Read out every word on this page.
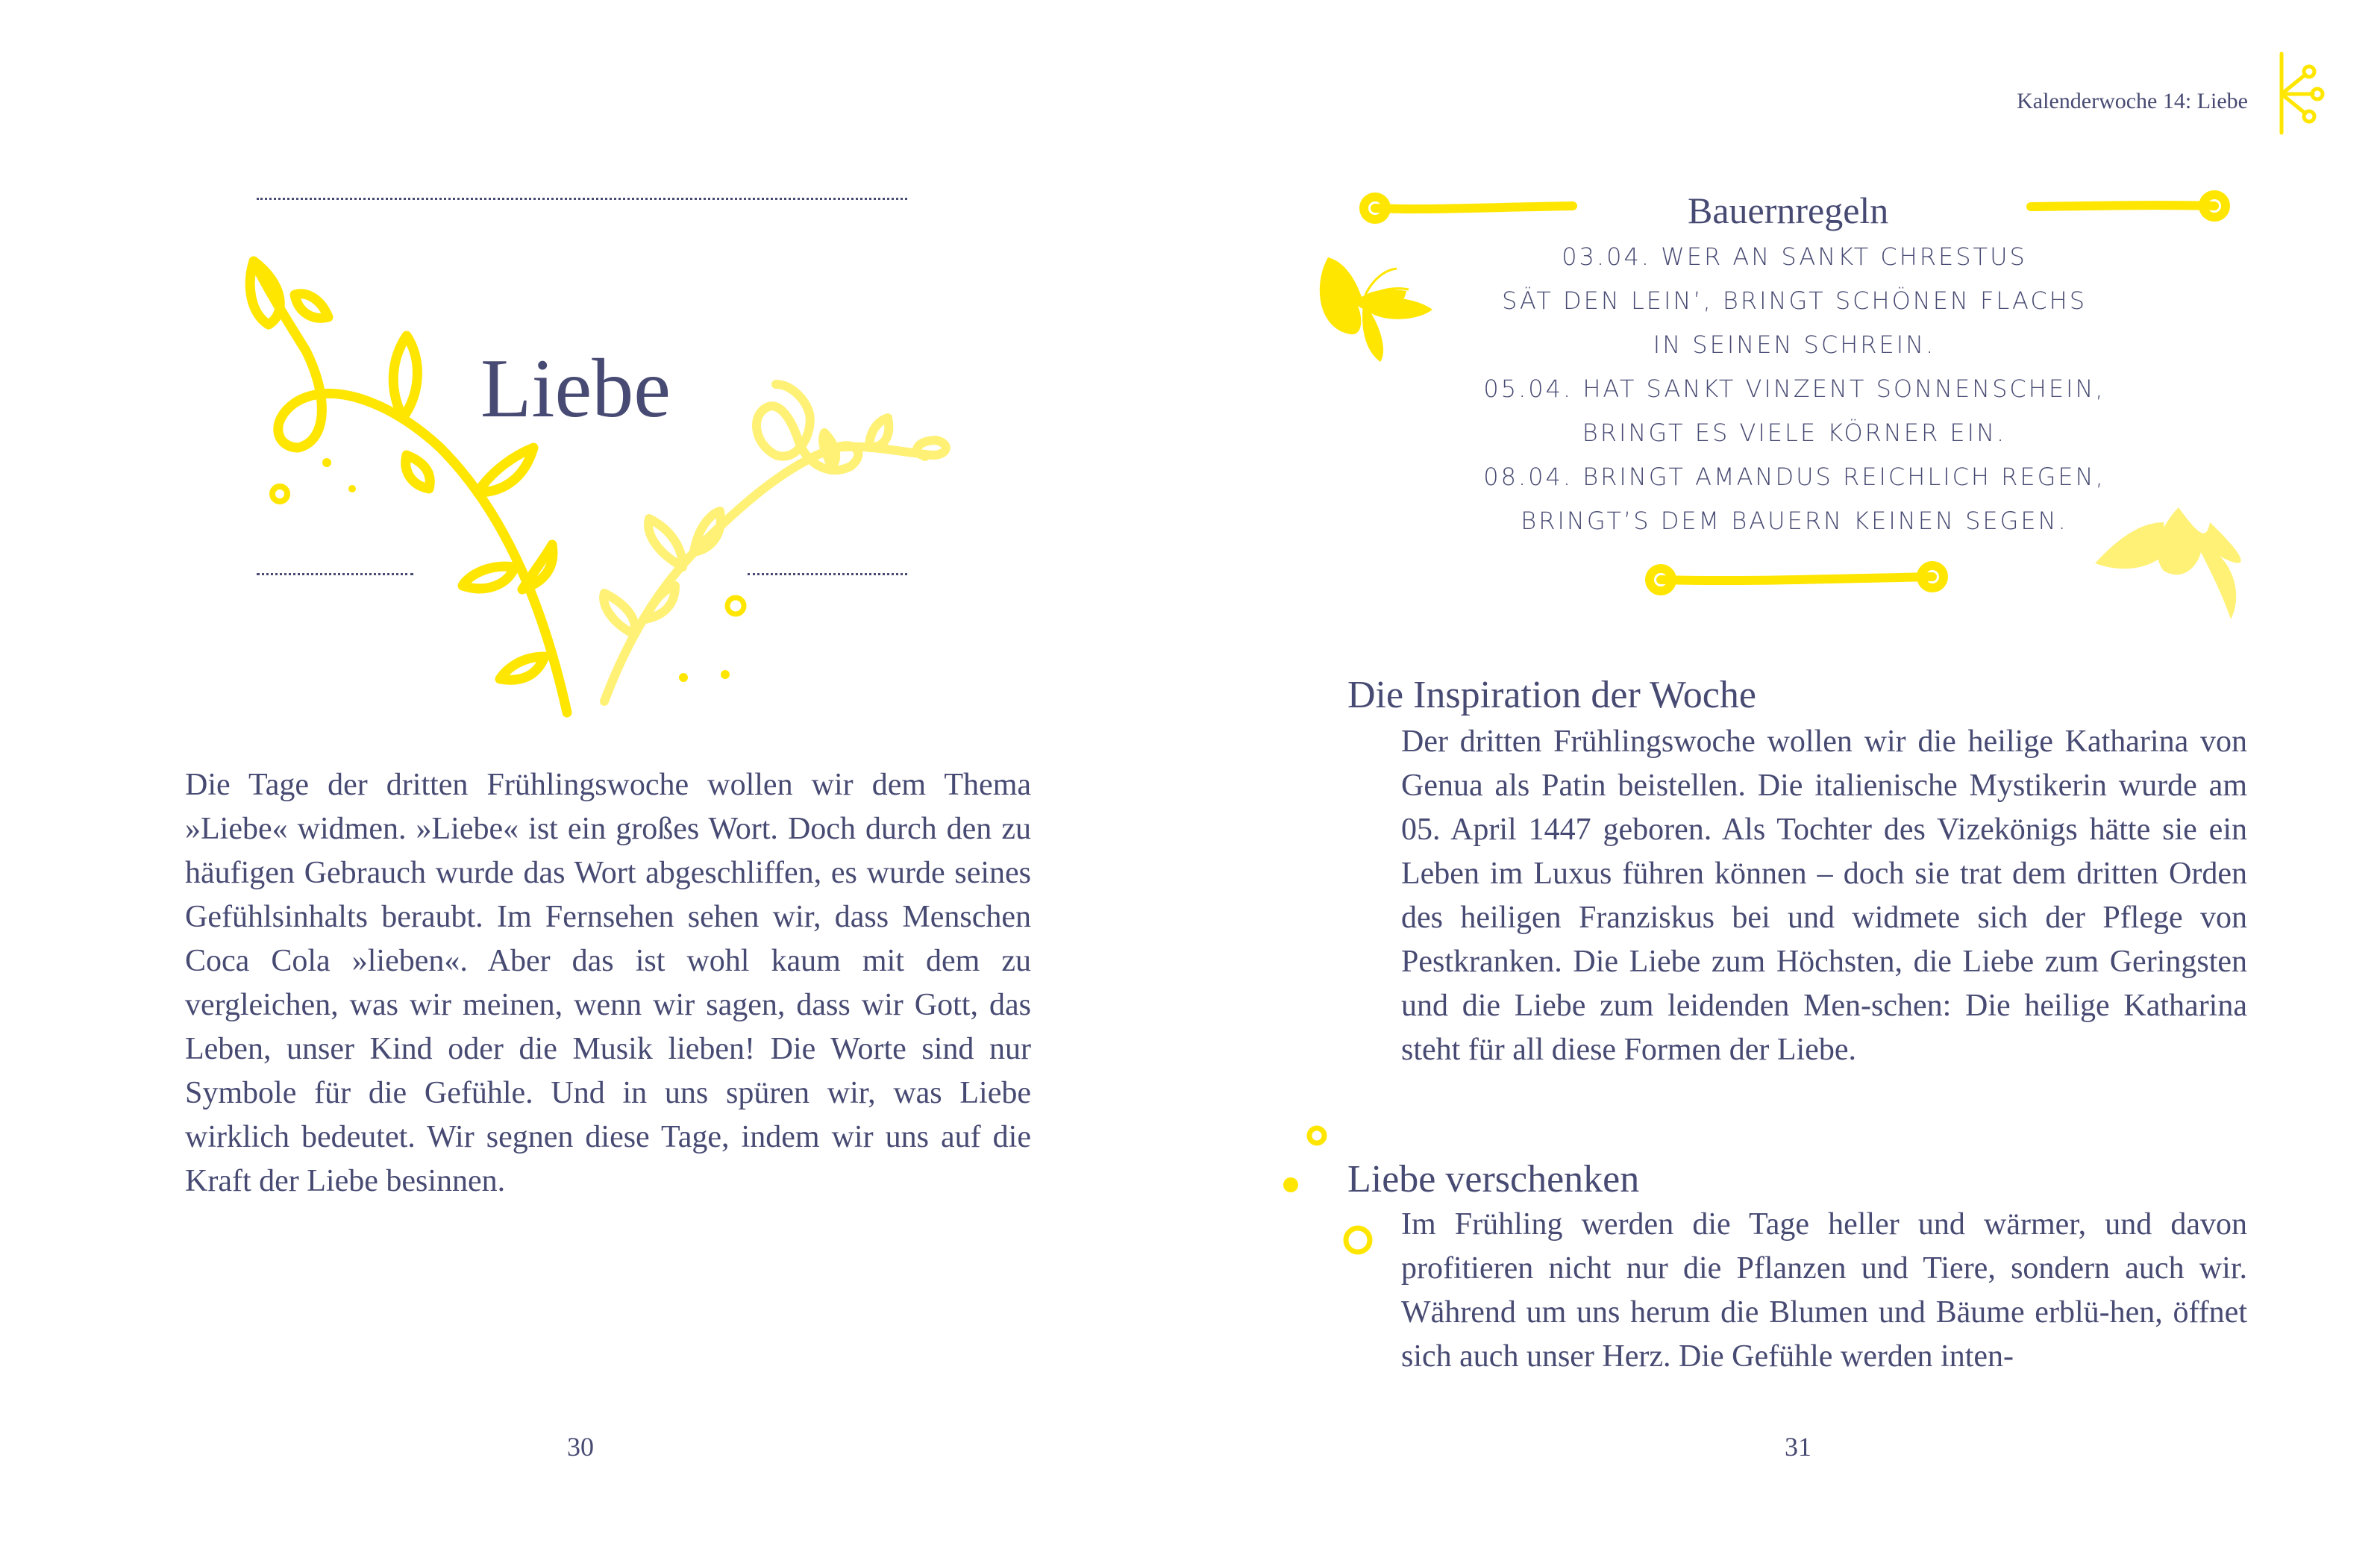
Liebe
Die Tage der dritten Frühlingswoche wollen wir dem Thema »Liebe« widmen. »Liebe« ist ein großes Wort. Doch durch den zu häufigen Gebrauch wurde das Wort abgeschliffen, es wurde seines Gefühlsinhalts beraubt. Im Fernsehen sehen wir, dass Menschen Coca Cola »lieben«. Aber das ist wohl kaum mit dem zu vergleichen, was wir meinen, wenn wir sagen, dass wir Gott, das Leben, unser Kind oder die Musik lieben! Die Worte sind nur Symbole für die Gefühle. Und in uns spüren wir, was Liebe wirklich bedeutet. Wir segnen diese Tage, indem wir uns auf die Kraft der Liebe besinnen.
30
Kalenderwoche 14: Liebe
Bauernregeln
03.04. WER AN SANKT CHRESTUS
SÄT DEN LEIN’, BRINGT SCHÖNEN FLACHS
IN SEINEN SCHREIN.
05.04. HAT SANKT VINZENT SONNENSCHEIN,
BRINGT ES VIELE KÖRNER EIN.
08.04. BRINGT AMANDUS REICHLICH REGEN,
BRINGT’S DEM BAUERN KEINEN SEGEN.
Die Inspiration der Woche
Der dritten Frühlingswoche wollen wir die heilige Katharina von Genua als Patin beistellen. Die italienische Mystikerin wurde am 05. April 1447 geboren. Als Tochter des Vizekönigs hätte sie ein Leben im Luxus führen können – doch sie trat dem dritten Orden des heiligen Franziskus bei und widmete sich der Pflege von Pestkranken. Die Liebe zum Höchsten, die Liebe zum Geringsten und die Liebe zum leidenden Men-schen: Die heilige Katharina steht für all diese Formen der Liebe.
Liebe verschenken
Im Frühling werden die Tage heller und wärmer, und davon profitieren nicht nur die Pflanzen und Tiere, sondern auch wir. Während um uns herum die Blumen und Bäume erblü-hen, öffnet sich auch unser Herz. Die Gefühle werden inten-
31
